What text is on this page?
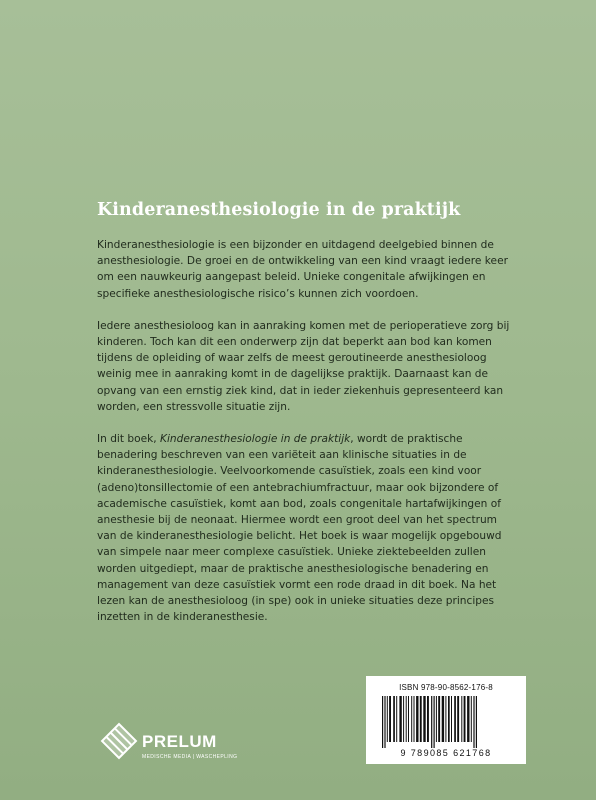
Kinderanesthesiologie in de praktijk

Kinderanesthesiologie is een bijzonder en uitdagend deelgebied binnen de anesthesiologie. De groei en de ontwikkeling van een kind vraagt iedere keer om een nauwkeurig aangepast beleid. Unieke congenitale afwijkingen en specifieke anesthesiologische risico’s kunnen zich voordoen.

Iedere anesthesioloog kan in aanraking komen met de perioperatieve zorg bij kinderen. Toch kan dit een onderwerp zijn dat beperkt aan bod kan komen tijdens de opleiding of waar zelfs de meest geroutineerde anesthesioloog weinig mee in aanraking komt in de dagelijkse praktijk. Daarnaast kan de opvang van een ernstig ziek kind, dat in ieder ziekenhuis gepresenteerd kan worden, een stressvolle situatie zijn.

In dit boek, Kinderanesthesiologie in de praktijk, wordt de praktische benadering beschreven van een variëteit aan klinische situaties in de kinderanesthesiologie. Veelvoorkomende casuïstiek, zoals een kind voor (adeno)tonsillectomie of een antebrachiumfractuur, maar ook bijzondere of academische casuïstiek, komt aan bod, zoals congenitale hartafwijkingen of anesthesie bij de neonaat. Hiermee wordt een groot deel van het spectrum van de kinderanesthesiologie belicht. Het boek is waar mogelijk opgebouwd van simpele naar meer complexe casuïstiek. Unieke ziektebeelden zullen worden uitgediept, maar de praktische anesthesiologische benadering en management van deze casuïstiek vormt een rode draad in dit boek. Na het lezen kan de anesthesioloog (in spe) ook in unieke situaties deze principes inzetten in de kinderanesthesie.

ISBN 978-90-8562-176-8
9 789085 621768
PRELUM
MEDISCHE MEDIA | WASCHEPLING
